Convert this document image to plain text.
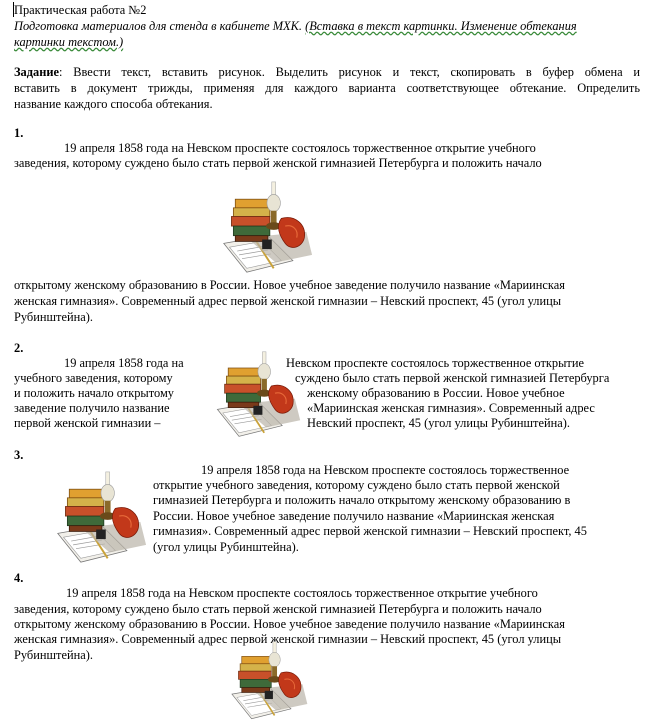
Практическая работа №2
Подготовка материалов для стенда в кабинете МХК. (Вставка в текст картинки. Изменение обтекания
картинки текстом.)
Задание: Ввести текст, вставить рисунок. Выделить рисунок и текст, скопировать в буфер обмена и
вставить в документ трижды, применяя для каждого варианта соответствующее обтекание. Определить
название каждого способа обтекания.
1.
19 апреля 1858 года на Невском проспекте состоялось торжественное открытие учебного
заведения, которому суждено было стать первой женской гимназией Петербурга и положить начало
открытому женскому образованию в России. Новое учебное заведение получило название «Мариинская
женская гимназия». Современный адрес первой женской гимназии – Невский проспект, 45 (угол улицы
Рубинштейна).
2.
19 апреля 1858 года на
учебного заведения, которому
и положить начало открытому
заведение получило название
первой женской гимназии –
Невском проспекте состоялось торжественное открытие
суждено было стать первой женской гимназией Петербурга
женскому образованию в России. Новое учебное
«Мариинская женская гимназия». Современный адрес
Невский проспект, 45 (угол улицы Рубинштейна).
3.
19 апреля 1858 года на Невском проспекте состоялось торжественное
открытие учебного заведения, которому суждено было стать первой женской
гимназией Петербурга и положить начало открытому женскому образованию в
России. Новое учебное заведение получило название «Мариинская женская
гимназия». Современный адрес первой женской гимназии – Невский проспект, 45
(угол улицы Рубинштейна).
4.
19 апреля 1858 года на Невском проспекте состоялось торжественное открытие учебного
заведения, которому суждено было стать первой женской гимназией Петербурга и положить начало
открытому женскому образованию в России. Новое учебное заведение получило название «Мариинская
женская гимназия». Современный адрес первой женской гимназии – Невский проспект, 45 (угол улицы
Рубинштейна).
